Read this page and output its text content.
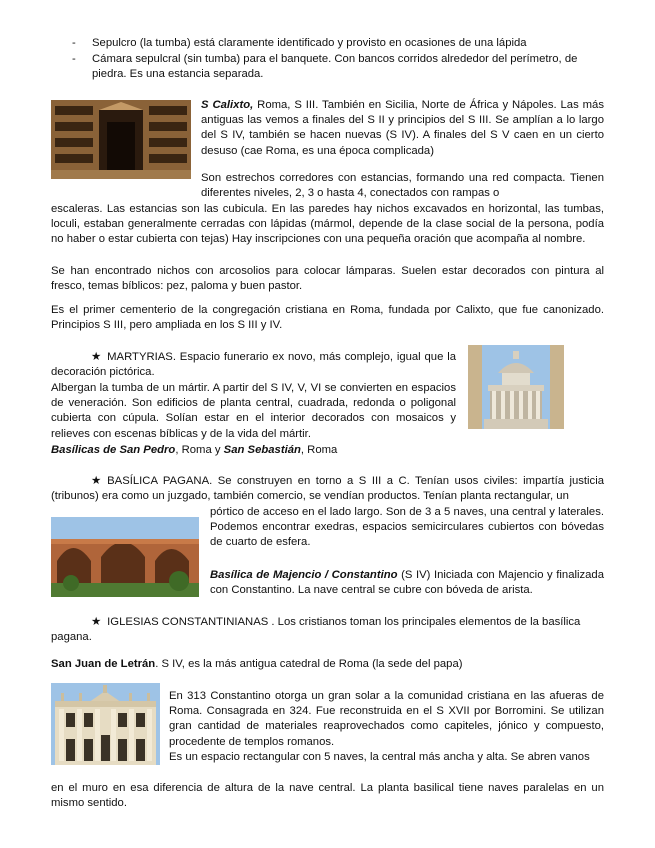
- Sepulcro (la tumba) está claramente identificado y provisto en ocasiones de una lápida
- Cámara sepulcral (sin tumba) para el banquete. Con bancos corridos alrededor del perímetro, de piedra. Es una estancia separada.

S Calixto, Roma, S III. También en Sicilia, Norte de África y Nápoles. Las más antiguas las vemos a finales del S II y principios del S III. Se amplían a lo largo del S IV, también se hacen nuevas (S IV). A finales del S V caen en un cierto desuso (cae Roma, es una época complicada)

Son estrechos corredores con estancias, formando una red compacta. Tienen diferentes niveles, 2, 3 o hasta 4, conectados con rampas o

escaleras. Las estancias son las cubicula. En las paredes hay nichos excavados en horizontal, las tumbas, loculi, estaban generalmente cerradas con lápidas (mármol, depende de la clase social de la persona, podía no haber o estar cubierta con tejas) Hay inscripciones con una pequeña oración que acompaña al nombre.

Se han encontrado nichos con arcosolios para colocar lámparas. Suelen estar decorados con pintura al fresco, temas bíblicos: pez, paloma y buen pastor.

Es el primer cementerio de la congregación cristiana en Roma, fundada por Calixto, que fue canonizado. Principios S III, pero ampliada en los S III y IV.

★ MARTYRIAS. Espacio funerario ex novo, más complejo, igual que la decoración pictórica.

Albergan la tumba de un mártir. A partir del S IV, V, VI se convierten en espacios de veneración. Son edificios de planta central, cuadrada, redonda o poligonal cubierta con cúpula. Solían estar en el interior decorados con mosaicos y relieves con escenas bíblicas y de la vida del mártir.

Basílicas de San Pedro, Roma y San Sebastián, Roma

★ BASÍLICA PAGANA. Se construyen en torno a S III a C. Tenían usos civiles: impartía justicia (tribunos) era como un juzgado, también comercio, se vendían productos. Tenían planta rectangular, un

pórtico de acceso en el lado largo. Son de 3 a 5 naves, una central y laterales. Podemos encontrar exedras, espacios semicirculares cubiertos con bóvedas de cuarto de esfera.

Basílica de Majencio / Constantino (S IV) Iniciada con Majencio y finalizada con Constantino. La nave central se cubre con bóveda de arista.

★ IGLESIAS CONSTANTINIANAS . Los cristianos toman los principales elementos de la basílica pagana.

San Juan de Letrán. S IV, es la más antigua catedral de Roma (la sede del papa)

En 313 Constantino otorga un gran solar a la comunidad cristiana en las afueras de Roma. Consagrada en 324. Fue reconstruida en el S XVII por Borromini. Se utilizan gran cantidad de materiales reaprovechados como capiteles, jónico y compuesto, procedente de templos romanos.

Es un espacio rectangular con 5 naves, la central más ancha y alta. Se abren vanos

en el muro en esa diferencia de altura de la nave central. La planta basilical tiene naves paralelas en un mismo sentido.
